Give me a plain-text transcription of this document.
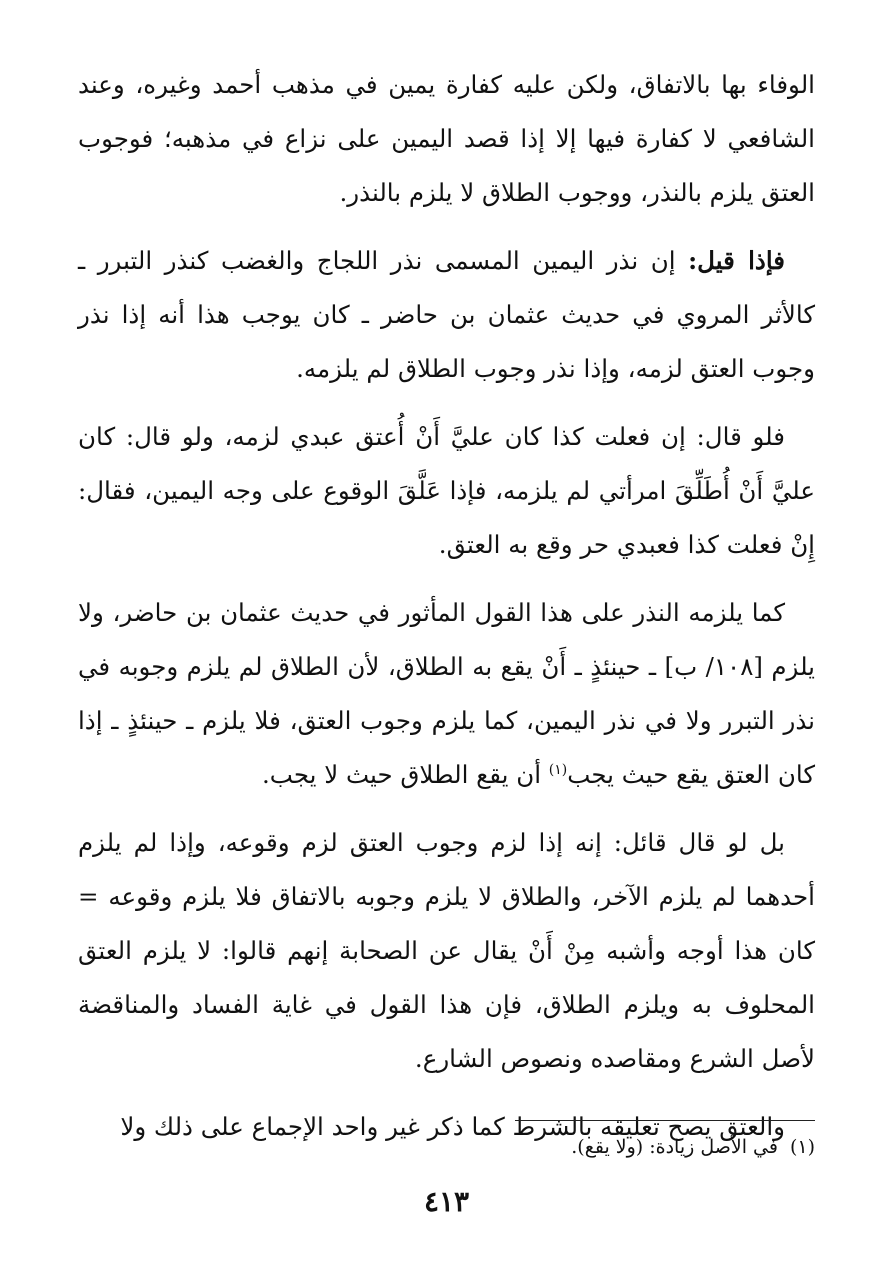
الوفاء بها بالاتفاق، ولكن عليه كفارة يمين في مذهب أحمد وغيره، وعند الشافعي لا كفارة فيها إلا إذا قصد اليمين على نزاع في مذهبه؛ فوجوب العتق يلزم بالنذر، ووجوب الطلاق لا يلزم بالنذر.

فإذا قيل: إن نذر اليمين المسمى نذر اللجاج والغضب كنذر التبرر ـ كالأثر المروي في حديث عثمان بن حاضر ـ كان يوجب هذا أنه إذا نذر وجوب العتق لزمه، وإذا نذر وجوب الطلاق لم يلزمه.

فلو قال: إن فعلت كذا كان عليَّ أَنْ أُعتق عبدي لزمه، ولو قال: كان عليَّ أَنْ أُطَلِّقَ امرأتي لم يلزمه، فإذا عَلَّقَ الوقوع على وجه اليمين، فقال: إِنْ فعلت كذا فعبدي حر وقع به العتق.

كما يلزمه النذر على هذا القول المأثور في حديث عثمان بن حاضر، ولا يلزم [١٠٨/ ب] ـ حينئذٍ ـ أَنْ يقع به الطلاق، لأن الطلاق لم يلزم وجوبه في نذر التبرر ولا في نذر اليمين، كما يلزم وجوب العتق، فلا يلزم ـ حينئذٍ ـ إذا كان العتق يقع حيث يجب$^{(١)}$ أن يقع الطلاق حيث لا يجب.

بل لو قال قائل: إنه إذا لزم وجوب العتق لزم وقوعه، وإذا لم يلزم أحدهما لم يلزم الآخر، والطلاق لا يلزم وجوبه بالاتفاق فلا يلزم وقوعه = كان هذا أوجه وأشبه مِنْ أَنْ يقال عن الصحابة إنهم قالوا: لا يلزم العتق المحلوف به ويلزم الطلاق، فإن هذا القول في غاية الفساد والمناقضة لأصل الشرع ومقاصده ونصوص الشارع.

والعتق يصح تعليقه بالشرط كما ذكر غير واحد الإجماع على ذلك ولا

(١)في الأصل زيادة: (ولا يقع).
٤١٣
